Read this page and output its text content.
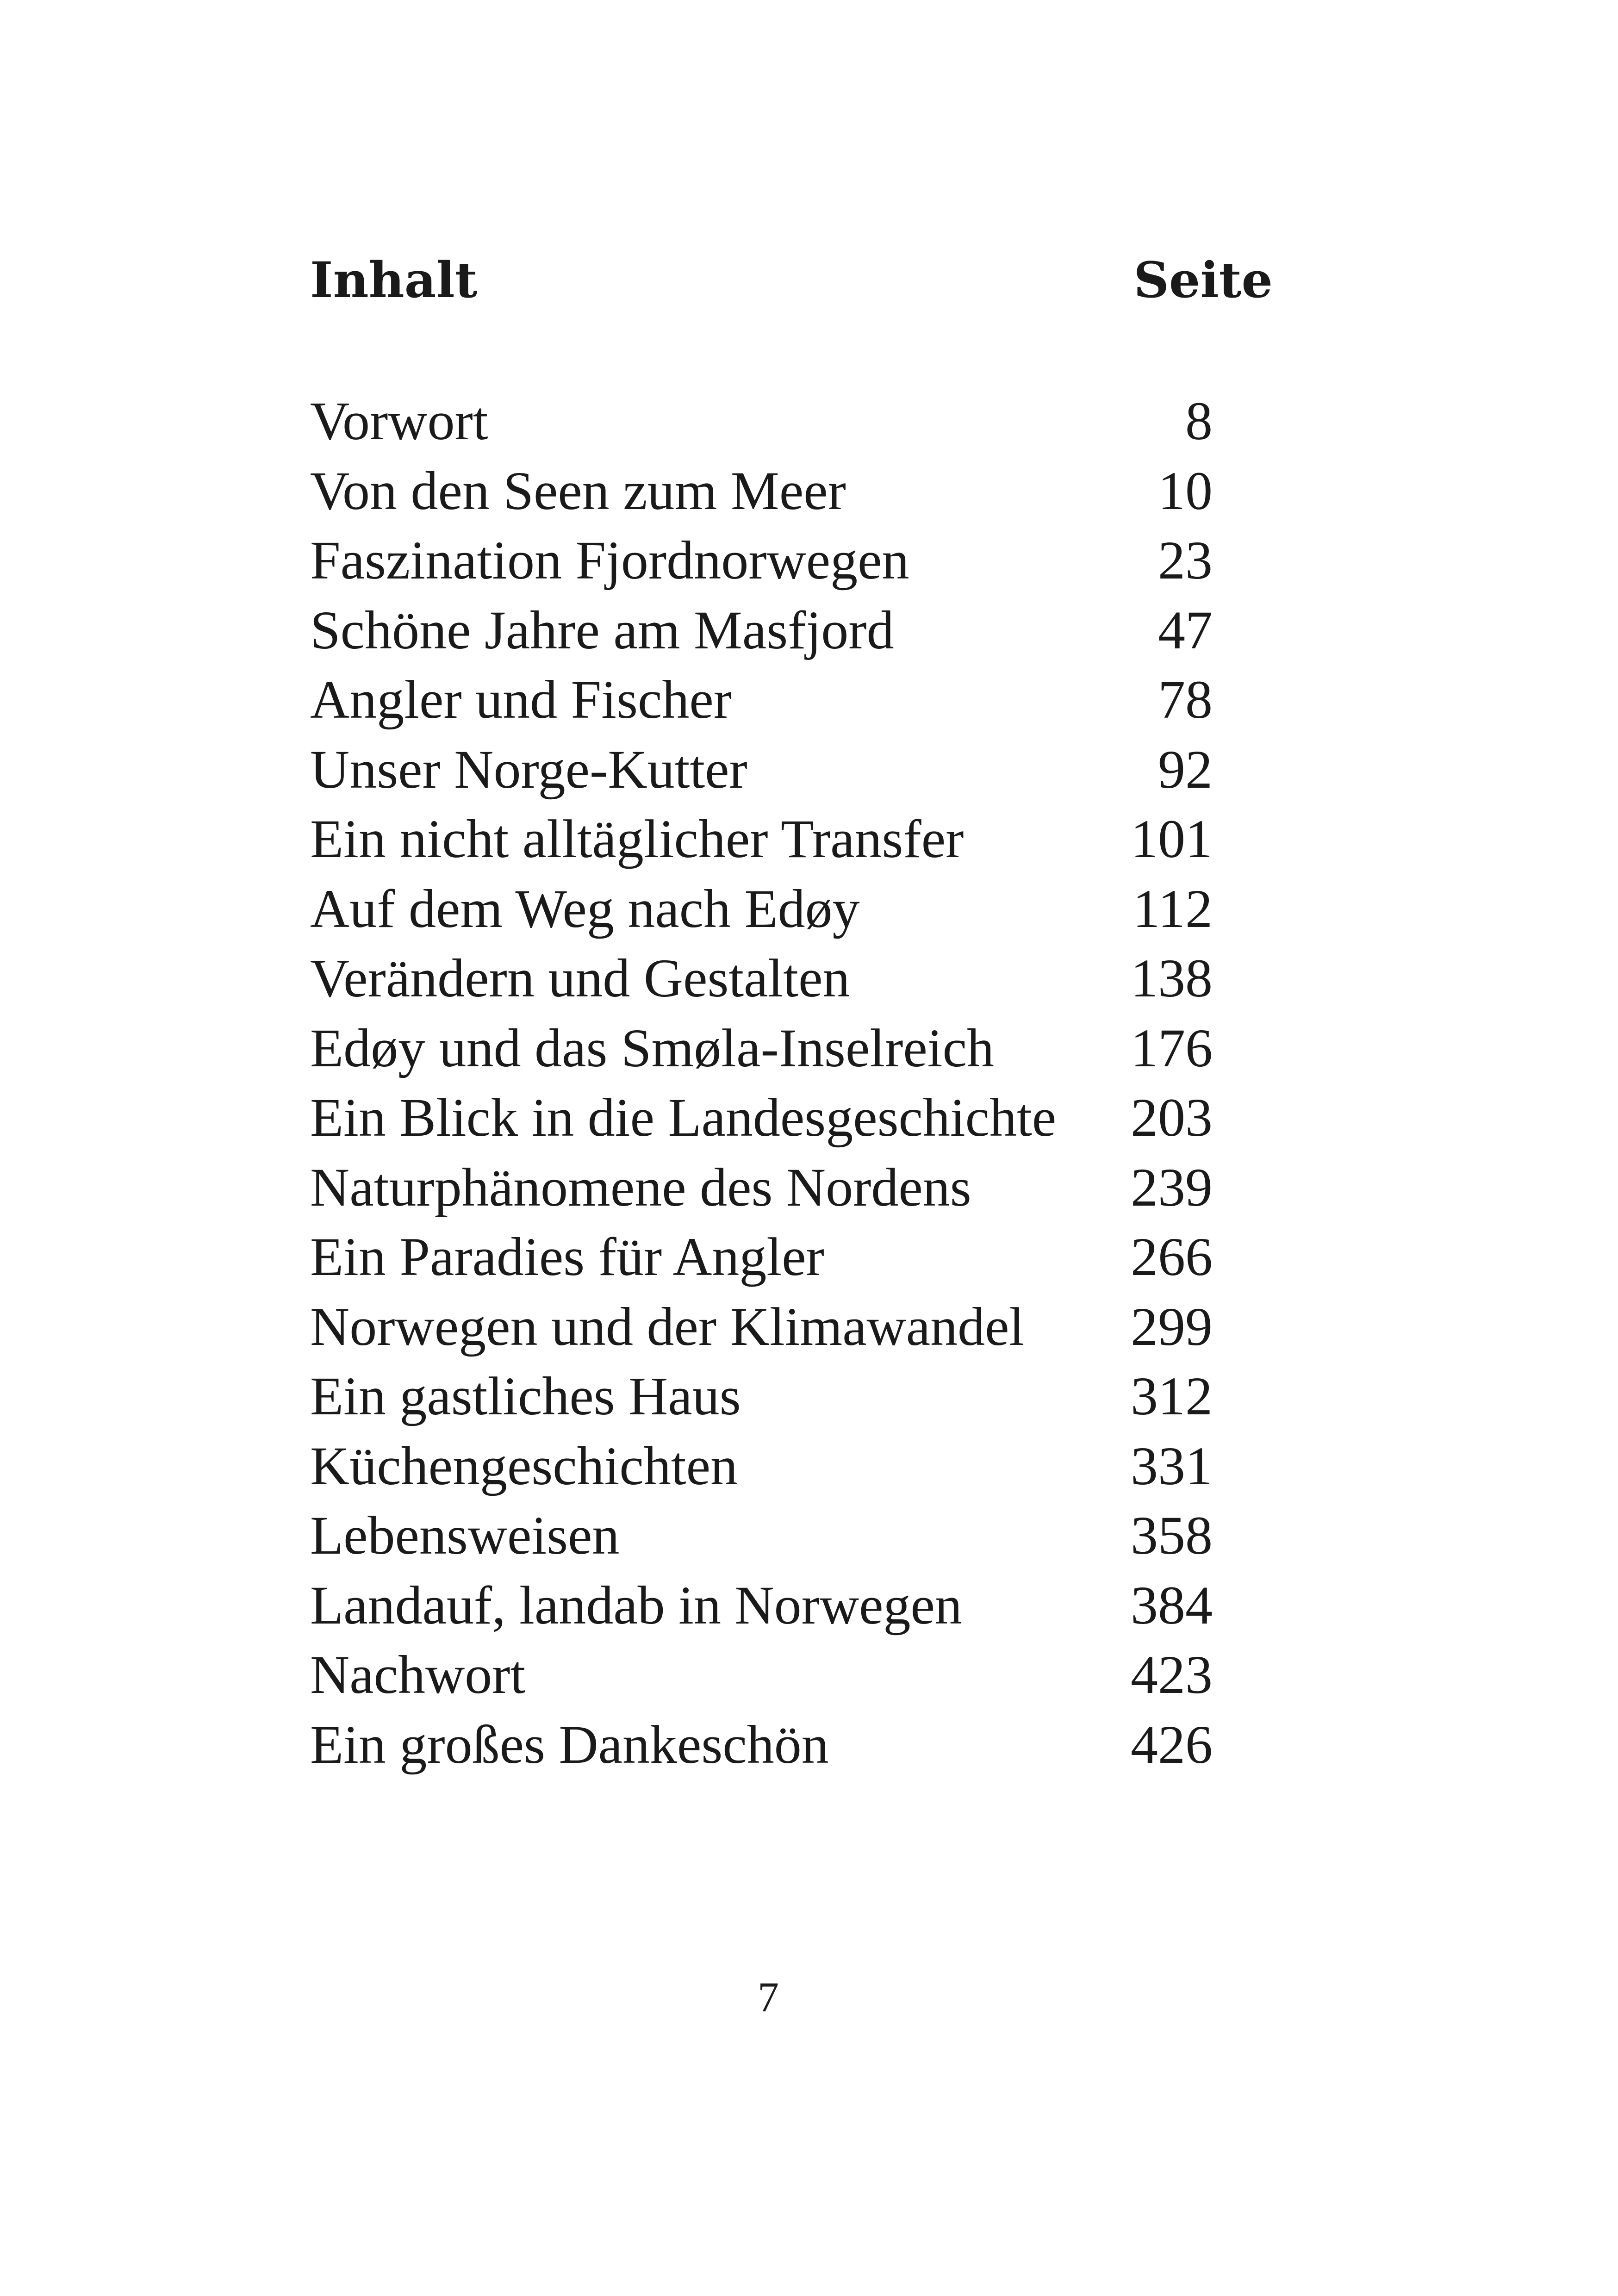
Inhalt	Seite
Vorwort	8
Von den Seen zum Meer	10
Faszination Fjordnorwegen	23
Schöne Jahre am Masfjord	47
Angler und Fischer	78
Unser Norge-Kutter	92
Ein nicht alltäglicher Transfer	101
Auf dem Weg nach Edøy	112
Verändern und Gestalten	138
Edøy und das Smøla-Inselreich	176
Ein Blick in die Landesgeschichte 203
Naturphänomene des Nordens	239
Ein Paradies für Angler	266
Norwegen und der Klimawandel 299
Ein gastliches Haus	312
Küchengeschichten	331
Lebensweisen	358
Landauf, landab in Norwegen	384
Nachwort	423
Ein großes Dankeschön	426
7
